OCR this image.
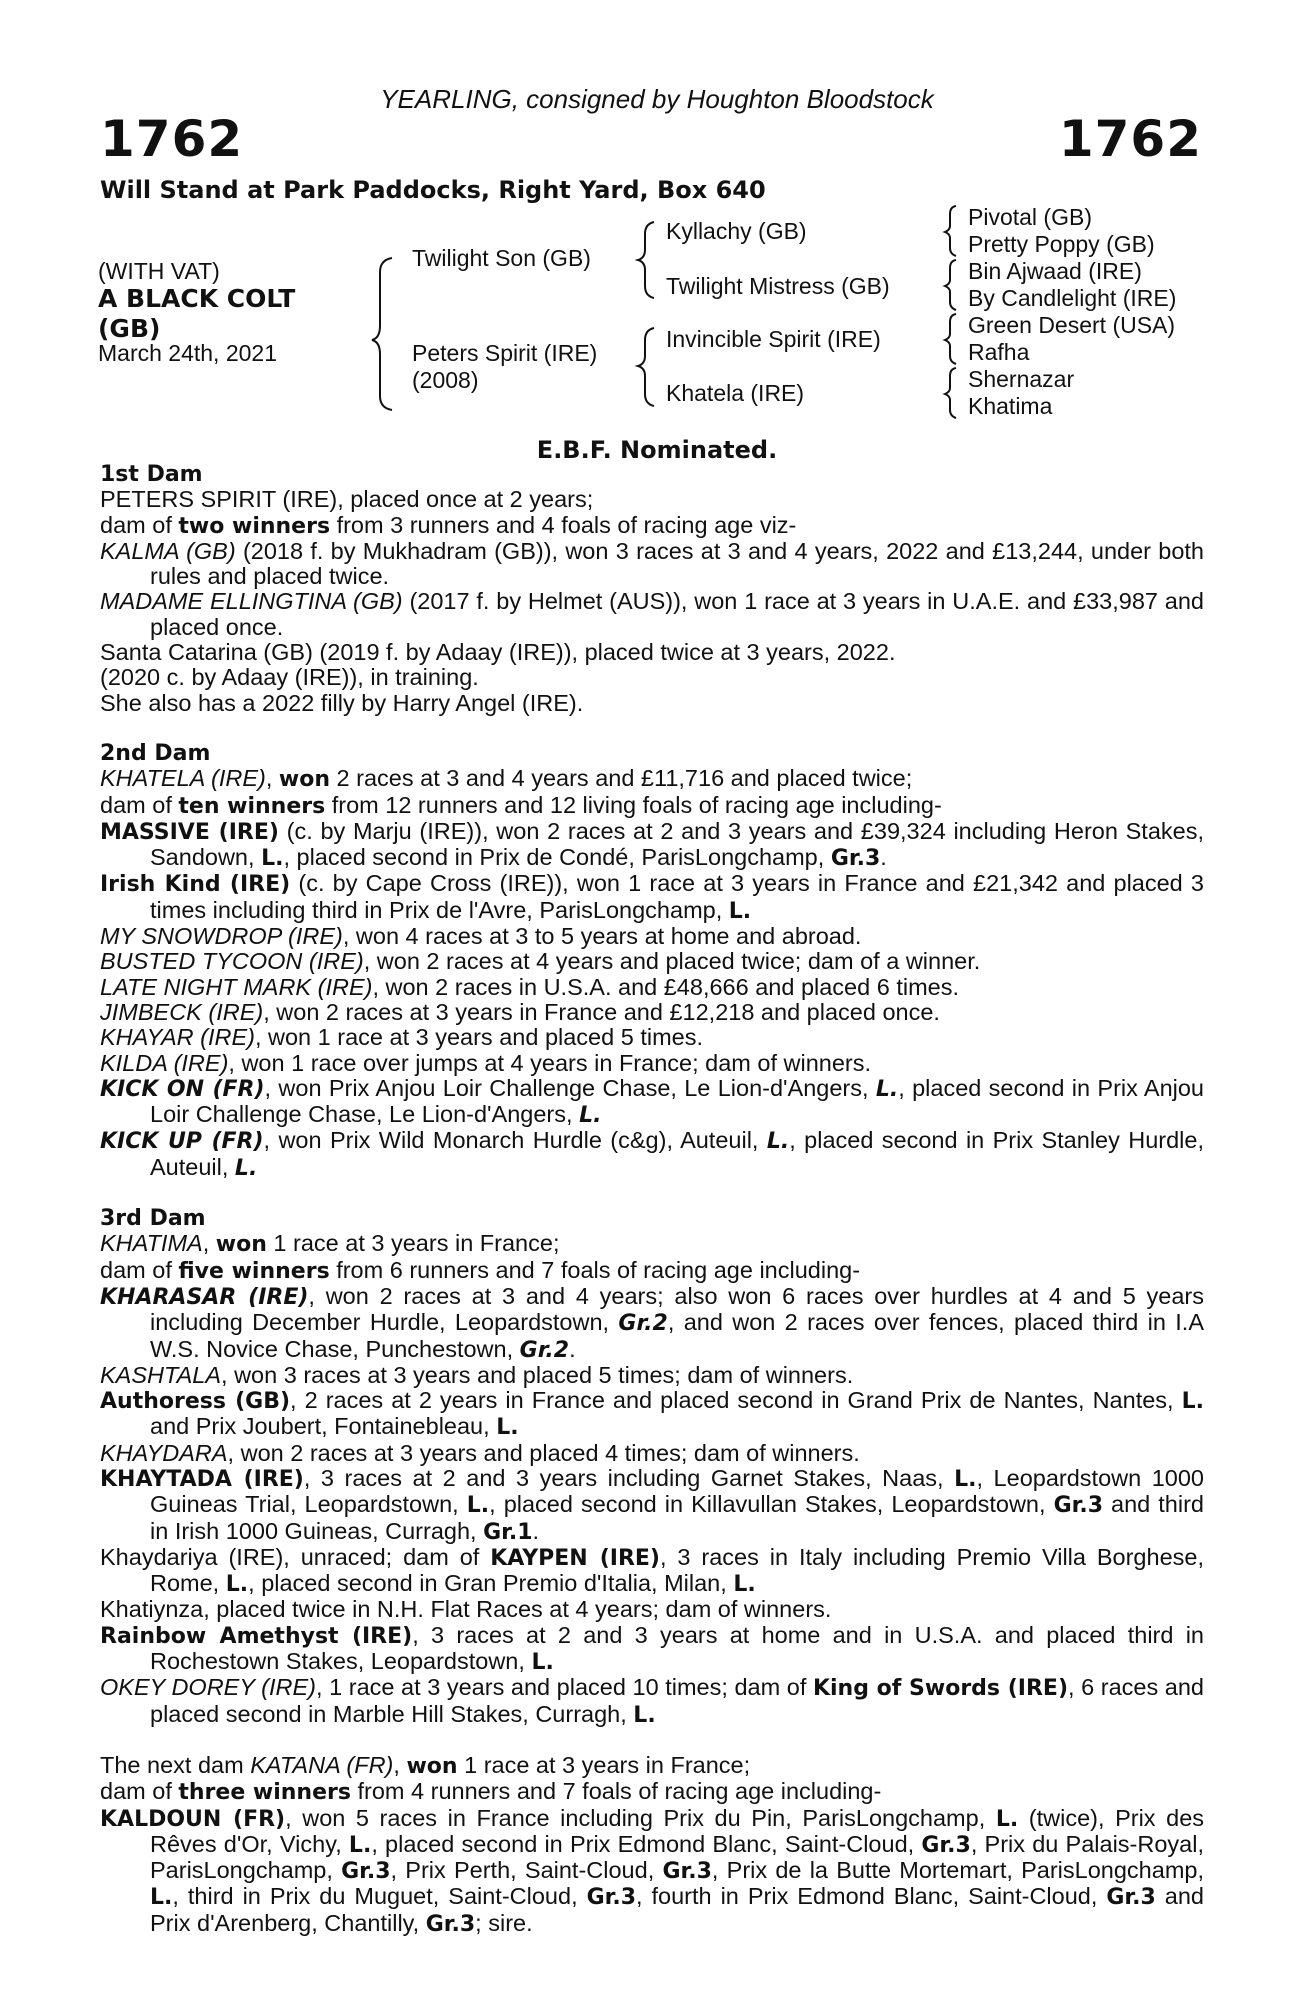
YEARLING, consigned by Houghton Bloodstock
1762	1762
Will Stand at Park Paddocks, Right Yard, Box 640
(WITH VAT)
A BLACK COLT (GB)
March 24th, 2021
Twilight Son (GB)
Peters Spirit (IRE)
(2008)
Kyllachy (GB)
Twilight Mistress (GB)
Invincible Spirit (IRE)
Khatela (IRE)
Pivotal (GB)
Pretty Poppy (GB)
Bin Ajwaad (IRE)
By Candlelight (IRE)
Green Desert (USA)
Rafha
Shernazar
Khatima
E.B.F. Nominated.

1st Dam

PETERS SPIRIT (IRE), placed once at 2 years;

dam of two winners from 3 runners and 4 foals of racing age viz-

KALMA (GB) (2018 f. by Mukhadram (GB)), won 3 races at 3 and 4 years, 2022 and £13,244, under both rules and placed twice.

MADAME ELLINGTINA (GB) (2017 f. by Helmet (AUS)), won 1 race at 3 years in U.A.E. and £33,987 and placed once.

Santa Catarina (GB) (2019 f. by Adaay (IRE)), placed twice at 3 years, 2022.

(2020 c. by Adaay (IRE)), in training.

She also has a 2022 filly by Harry Angel (IRE).

2nd Dam

KHATELA (IRE), won 2 races at 3 and 4 years and £11,716 and placed twice;

dam of ten winners from 12 runners and 12 living foals of racing age including-

MASSIVE (IRE) (c. by Marju (IRE)), won 2 races at 2 and 3 years and £39,324 including Heron Stakes, Sandown, L., placed second in Prix de Condé, ParisLongchamp, Gr.3.

Irish Kind (IRE) (c. by Cape Cross (IRE)), won 1 race at 3 years in France and £21,342 and placed 3 times including third in Prix de l'Avre, ParisLongchamp, L.

MY SNOWDROP (IRE), won 4 races at 3 to 5 years at home and abroad.

BUSTED TYCOON (IRE), won 2 races at 4 years and placed twice; dam of a winner.

LATE NIGHT MARK (IRE), won 2 races in U.S.A. and £48,666 and placed 6 times.

JIMBECK (IRE), won 2 races at 3 years in France and £12,218 and placed once.

KHAYAR (IRE), won 1 race at 3 years and placed 5 times.

KILDA (IRE), won 1 race over jumps at 4 years in France; dam of winners.

KICK ON (FR), won Prix Anjou Loir Challenge Chase, Le Lion-d'Angers, L., placed second in Prix Anjou Loir Challenge Chase, Le Lion-d'Angers, L.

KICK UP (FR), won Prix Wild Monarch Hurdle (c&g), Auteuil, L., placed second in Prix Stanley Hurdle, Auteuil, L.

3rd Dam

KHATIMA, won 1 race at 3 years in France;

dam of five winners from 6 runners and 7 foals of racing age including-

KHARASAR (IRE), won 2 races at 3 and 4 years; also won 6 races over hurdles at 4 and 5 years including December Hurdle, Leopardstown, Gr.2, and won 2 races over fences, placed third in I.A W.S. Novice Chase, Punchestown, Gr.2.

KASHTALA, won 3 races at 3 years and placed 5 times; dam of winners.

Authoress (GB), 2 races at 2 years in France and placed second in Grand Prix de Nantes, Nantes, L. and Prix Joubert, Fontainebleau, L.

KHAYDARA, won 2 races at 3 years and placed 4 times; dam of winners.

KHAYTADA (IRE), 3 races at 2 and 3 years including Garnet Stakes, Naas, L., Leopardstown 1000 Guineas Trial, Leopardstown, L., placed second in Killavullan Stakes, Leopardstown, Gr.3 and third in Irish 1000 Guineas, Curragh, Gr.1.

Khaydariya (IRE), unraced; dam of KAYPEN (IRE), 3 races in Italy including Premio Villa Borghese, Rome, L., placed second in Gran Premio d'Italia, Milan, L.

Khatiynza, placed twice in N.H. Flat Races at 4 years; dam of winners.

Rainbow Amethyst (IRE), 3 races at 2 and 3 years at home and in U.S.A. and placed third in Rochestown Stakes, Leopardstown, L.

OKEY DOREY (IRE), 1 race at 3 years and placed 10 times; dam of King of Swords (IRE), 6 races and placed second in Marble Hill Stakes, Curragh, L.

The next dam KATANA (FR), won 1 race at 3 years in France;

dam of three winners from 4 runners and 7 foals of racing age including-

KALDOUN (FR), won 5 races in France including Prix du Pin, ParisLongchamp, L. (twice), Prix des Rêves d'Or, Vichy, L., placed second in Prix Edmond Blanc, Saint-Cloud, Gr.3, Prix du Palais-Royal, ParisLongchamp, Gr.3, Prix Perth, Saint-Cloud, Gr.3, Prix de la Butte Mortemart, ParisLongchamp, L., third in Prix du Muguet, Saint-Cloud, Gr.3, fourth in Prix Edmond Blanc, Saint-Cloud, Gr.3 and Prix d'Arenberg, Chantilly, Gr.3; sire.
